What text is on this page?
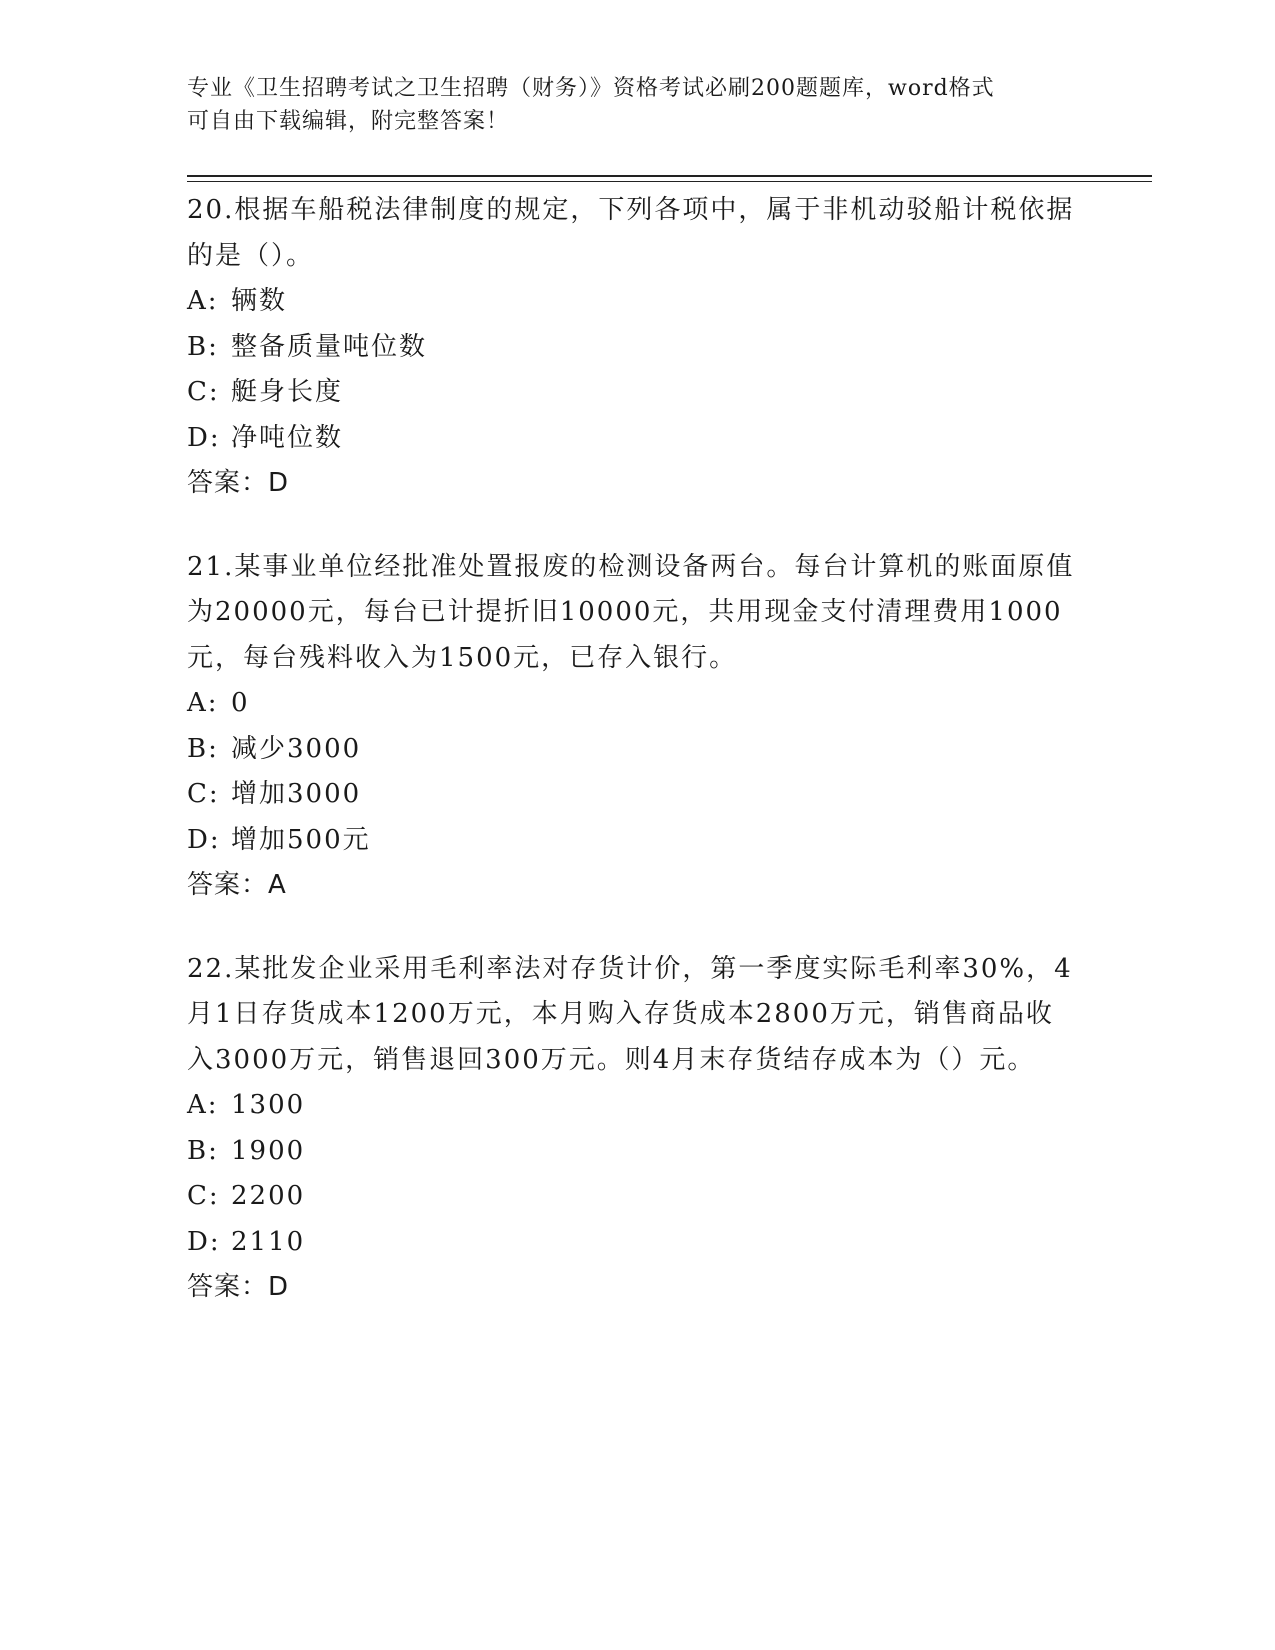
专业《卫生招聘考试之卫生招聘（财务）》资格考试必刷200题题库，word格式
可自由下载编辑，附完整答案！

20.根据车船税法律制度的规定，下列各项中，属于非机动驳船计税依据的是（）。

A: 辆数

B: 整备质量吨位数

C: 艇身长度

D: 净吨位数

答案：D

21.某事业单位经批准处置报废的检测设备两台。每台计算机的账面原值为20000元，每台已计提折旧10000元，共用现金支付清理费用1000元，每台残料收入为1500元，已存入银行。

A: 0

B: 减少3000

C: 增加3000

D: 增加500元

答案：A

22.某批发企业采用毛利率法对存货计价，第一季度实际毛利率30%，4月1日存货成本1200万元，本月购入存货成本2800万元，销售商品收入3000万元，销售退回300万元。则4月末存货结存成本为（）元。

A: 1300

B: 1900

C: 2200

D: 2110

答案：D
